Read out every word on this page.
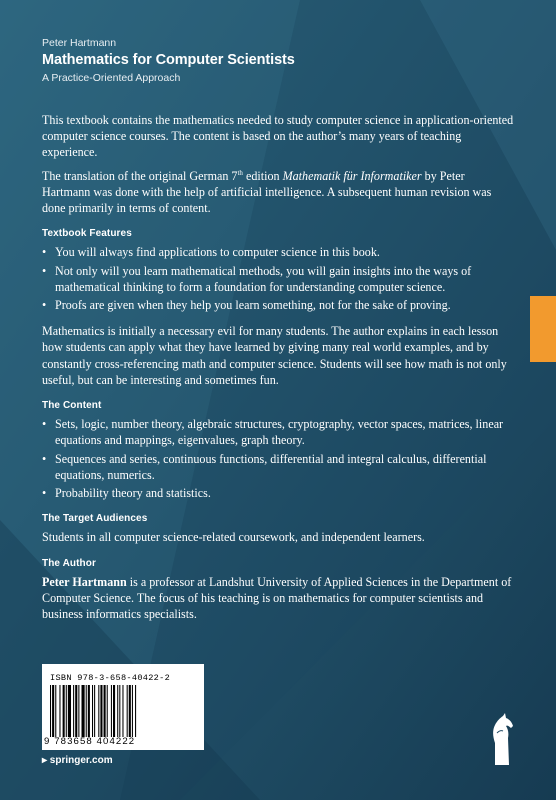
Peter Hartmann
Mathematics for Computer Scientists
A Practice-Oriented Approach

This textbook contains the mathematics needed to study computer science in application-oriented computer science courses. The content is based on the author’s many years of teaching experience.

The translation of the original German 7th edition Mathematik für Informatiker by Peter Hartmann was done with the help of artificial intelligence. A subsequent human revision was done primarily in terms of content.

Textbook Features
• You will always find applications to computer science in this book.
• Not only will you learn mathematical methods, you will gain insights into the ways of mathematical thinking to form a foundation for understanding computer science.
• Proofs are given when they help you learn something, not for the sake of proving.

Mathematics is initially a necessary evil for many students. The author explains in each lesson how students can apply what they have learned by giving many real world examples, and by constantly cross-referencing math and computer science. Students will see how math is not only useful, but can be interesting and sometimes fun.

The Content
• Sets, logic, number theory, algebraic structures, cryptography, vector spaces, matrices, linear equations and mappings, eigenvalues, graph theory.
• Sequences and series, continuous functions, differential and integral calculus, differential equations, numerics.
• Probability theory and statistics.
The Target Audiences

Students in all computer science-related coursework, and independent learners.

The Author

Peter Hartmann is a professor at Landshut University of Applied Sciences in the Department of Computer Science. The focus of his teaching is on mathematics for computer scientists and business informatics specialists.

ISBN 978-3-658-40422-2
9 783658 404222
▸ springer.com
